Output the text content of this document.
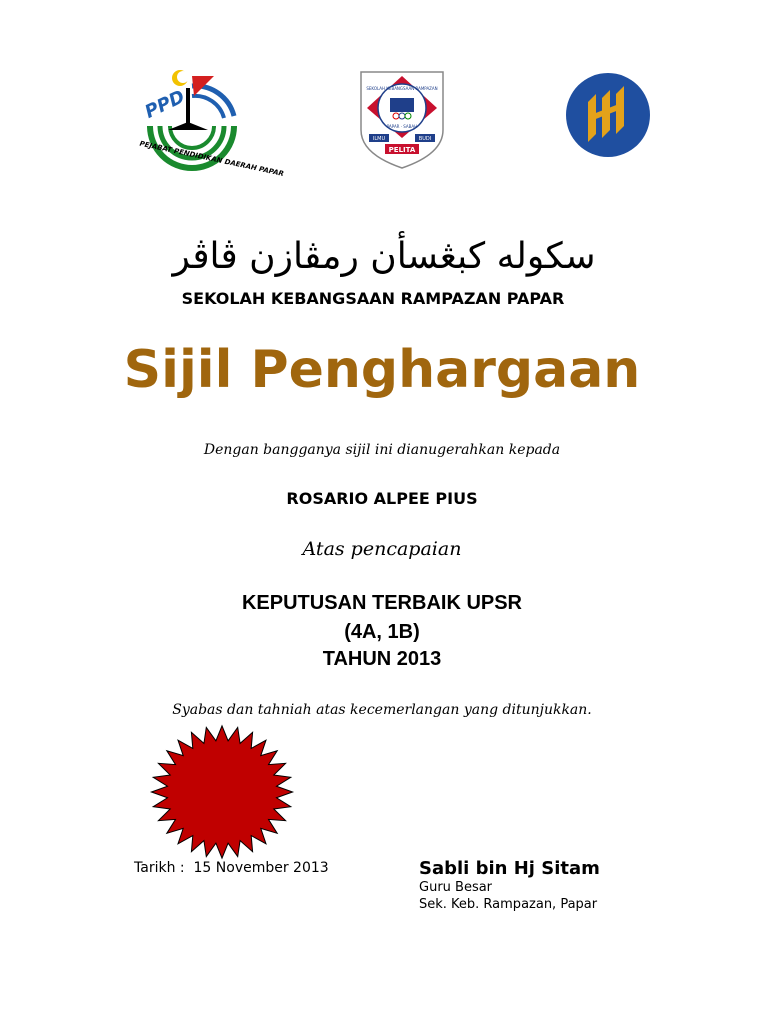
PPD
PEJABAT PENDIDIKAN DAERAH PAPAR
SEKOLAH KEBANGSAAN RAMPAZAN
PAPAR · SABAH
ILMU	BUDI
PELITA
سکوله کبڠسأن رمڤازن ڤاڤر
SEKOLAH KEBANGSAAN RAMPAZAN PAPAR
Sijil Penghargaan
Dengan bangganya sijil ini dianugerahkan kepada
ROSARIO ALPEE PIUS
Atas pencapaian
KEPUTUSAN TERBAIK UPSR
(4A, 1B)
TAHUN 2013
Syabas dan tahniah atas kecemerlangan yang ditunjukkan.
Tarikh : 15 November 2013	Sabli bin Hj Sitam
Guru Besar
Sek. Keb. Rampazan, Papar
